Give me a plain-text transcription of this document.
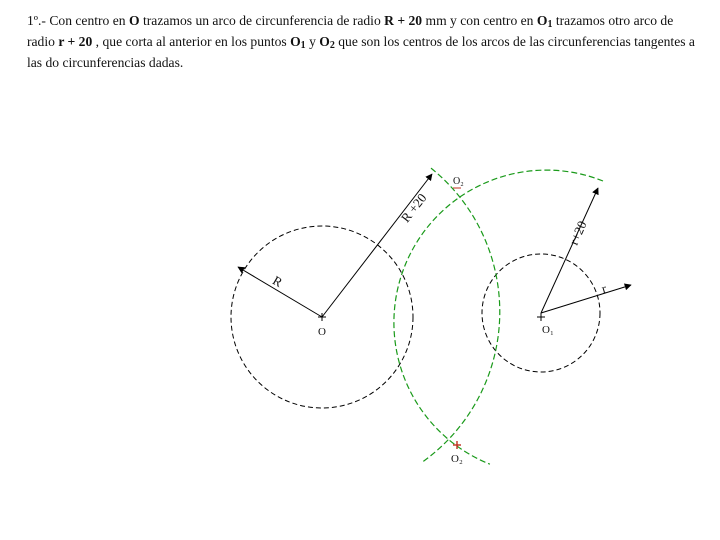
1º.- Con centro en O trazamos un arco de circunferencia de radio R + 20 mm y con centro en $O_1$ trazamos otro arco de radio r + 20 , que corta al anterior en los puntos $O_1$ y $O_2$ que son los centros de los arcos de las circunferencias tangentes a las do circunferencias dadas.

O	O₁
O₂
O₂
R
R +20
r
r+20
